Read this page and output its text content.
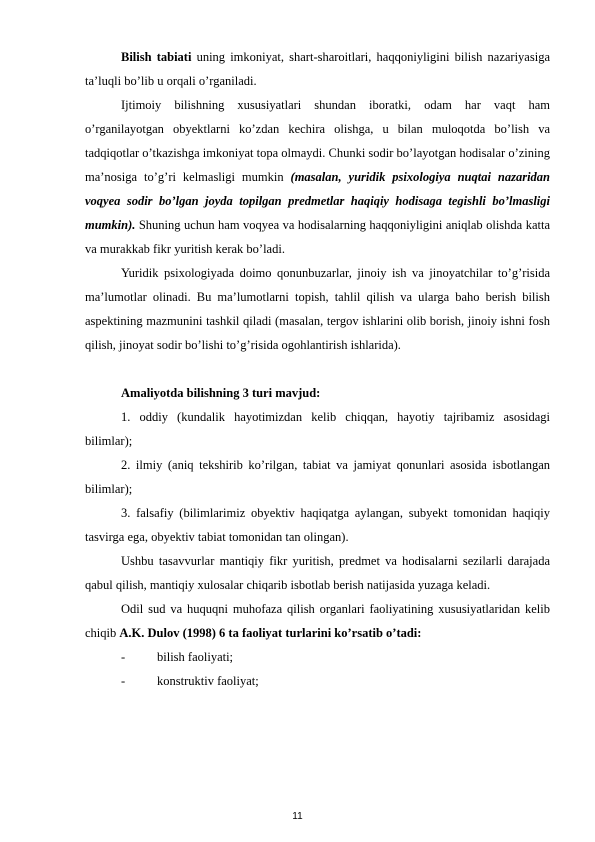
Bilish tabiati uning imkoniyat, shart-sharoitlari, haqqoniyligini bilish nazariyasiga ta’luqli bo’lib u orqali o’rganiladi.

Ijtimoiy bilishning xususiyatlari shundan iboratki, odam har vaqt ham o’rganilayotgan obyektlarni ko’zdan kechira olishga, u bilan muloqotda bo’lish va tadqiqotlar o’tkazishga imkoniyat topa olmaydi. Chunki sodir bo’layotgan hodisalar o’zining ma’nosiga to’g’ri kelmasligi mumkin (masalan, yuridik psixologiya nuqtai nazaridan voqyea sodir bo’lgan joyda topilgan predmetlar haqiqiy hodisaga tegishli bo’lmasligi mumkin). Shuning uchun ham voqyea va hodisalarning haqqoniyligini aniqlab olishda katta va murakkab fikr yuritish kerak bo’ladi.

Yuridik psixologiyada doimo qonunbuzarlar, jinoiy ish va jinoyatchilar to’g’risida ma’lumotlar olinadi. Bu ma’lumotlarni topish, tahlil qilish va ularga baho berish bilish aspektining mazmunini tashkil qiladi (masalan, tergov ishlarini olib borish, jinoiy ishni fosh qilish, jinoyat sodir bo’lishi to’g’risida ogohlantirish ishlarida).

Amaliyotda bilishning 3 turi mavjud:

1. oddiy (kundalik hayotimizdan kelib chiqqan, hayotiy tajribamiz asosidagi bilimlar);

2. ilmiy (aniq tekshirib ko’rilgan, tabiat va jamiyat qonunlari asosida isbotlangan bilimlar);

3. falsafiy (bilimlarimiz obyektiv haqiqatga aylangan, subyekt tomonidan haqiqiy tasvirga ega, obyektiv tabiat tomonidan tan olingan).

Ushbu tasavvurlar mantiqiy fikr yuritish, predmet va hodisalarni sezilarli darajada qabul qilish, mantiqiy xulosalar chiqarib isbotlab berish natijasida yuzaga keladi.

Odil sud va huquqni muhofaza qilish organlari faoliyatining xususiyatlaridan kelib chiqib A.K. Dulov (1998) 6 ta faoliyat turlarini ko’rsatib o’tadi:

-	bilish faoliyati;
-	konstruktiv faoliyat;
11
